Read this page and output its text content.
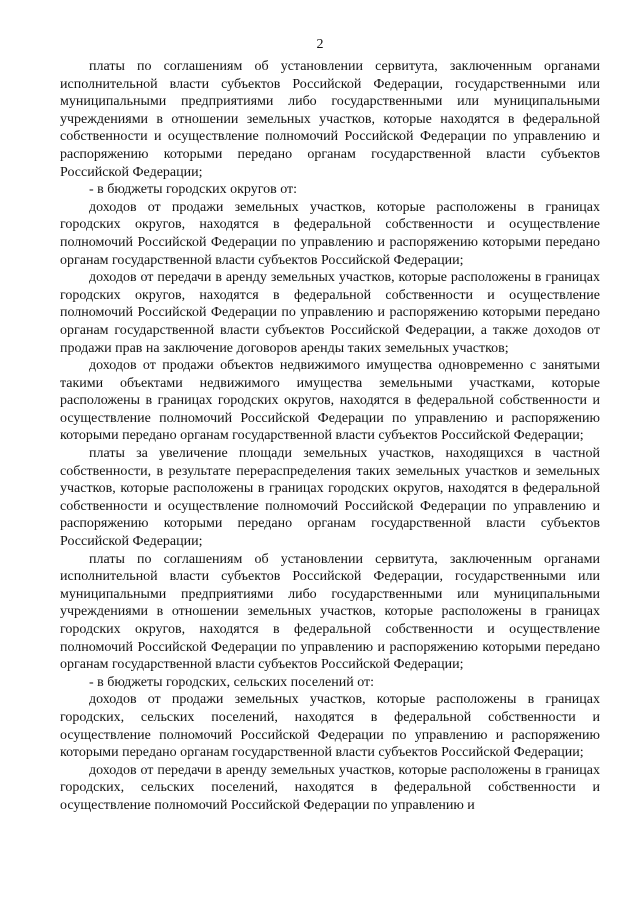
2

платы по соглашениям об установлении сервитута, заключенным органами исполнительной власти субъектов Российской Федерации, государственными или муниципальными предприятиями либо государственными или муниципальными учреждениями в отношении земельных участков, которые находятся в федеральной собственности и осуществление полномочий Российской Федерации по управлению и распоряжению которыми передано органам государственной власти субъектов Российской Федерации;

- в бюджеты городских округов от:

доходов от продажи земельных участков, которые расположены в границах городских округов, находятся в федеральной собственности и осуществление полномочий Российской Федерации по управлению и распоряжению которыми передано органам государственной власти субъектов Российской Федерации;

доходов от передачи в аренду земельных участков, которые расположены в границах городских округов, находятся в федеральной собственности и осуществление полномочий Российской Федерации по управлению и распоряжению которыми передано органам государственной власти субъектов Российской Федерации, а также доходов от продажи прав на заключение договоров аренды таких земельных участков;

доходов от продажи объектов недвижимого имущества одновременно с занятыми такими объектами недвижимого имущества земельными участками, которые расположены в границах городских округов, находятся в федеральной собственности и осуществление полномочий Российской Федерации по управлению и распоряжению которыми передано органам государственной власти субъектов Российской Федерации;

платы за увеличение площади земельных участков, находящихся в частной собственности, в результате перераспределения таких земельных участков и земельных участков, которые расположены в границах городских округов, находятся в федеральной собственности и осуществление полномочий Российской Федерации по управлению и распоряжению которыми передано органам государственной власти субъектов Российской Федерации;

платы по соглашениям об установлении сервитута, заключенным органами исполнительной власти субъектов Российской Федерации, государственными или муниципальными предприятиями либо государственными или муниципальными учреждениями в отношении земельных участков, которые расположены в границах городских округов, находятся в федеральной собственности и осуществление полномочий Российской Федерации по управлению и распоряжению которыми передано органам государственной власти субъектов Российской Федерации;

- в бюджеты городских, сельских поселений от:

доходов от продажи земельных участков, которые расположены в границах городских, сельских поселений, находятся в федеральной собственности и осуществление полномочий Российской Федерации по управлению и распоряжению которыми передано органам государственной власти субъектов Российской Федерации;

доходов от передачи в аренду земельных участков, которые расположены в границах городских, сельских поселений, находятся в федеральной собственности и осуществление полномочий Российской Федерации по управлению и
